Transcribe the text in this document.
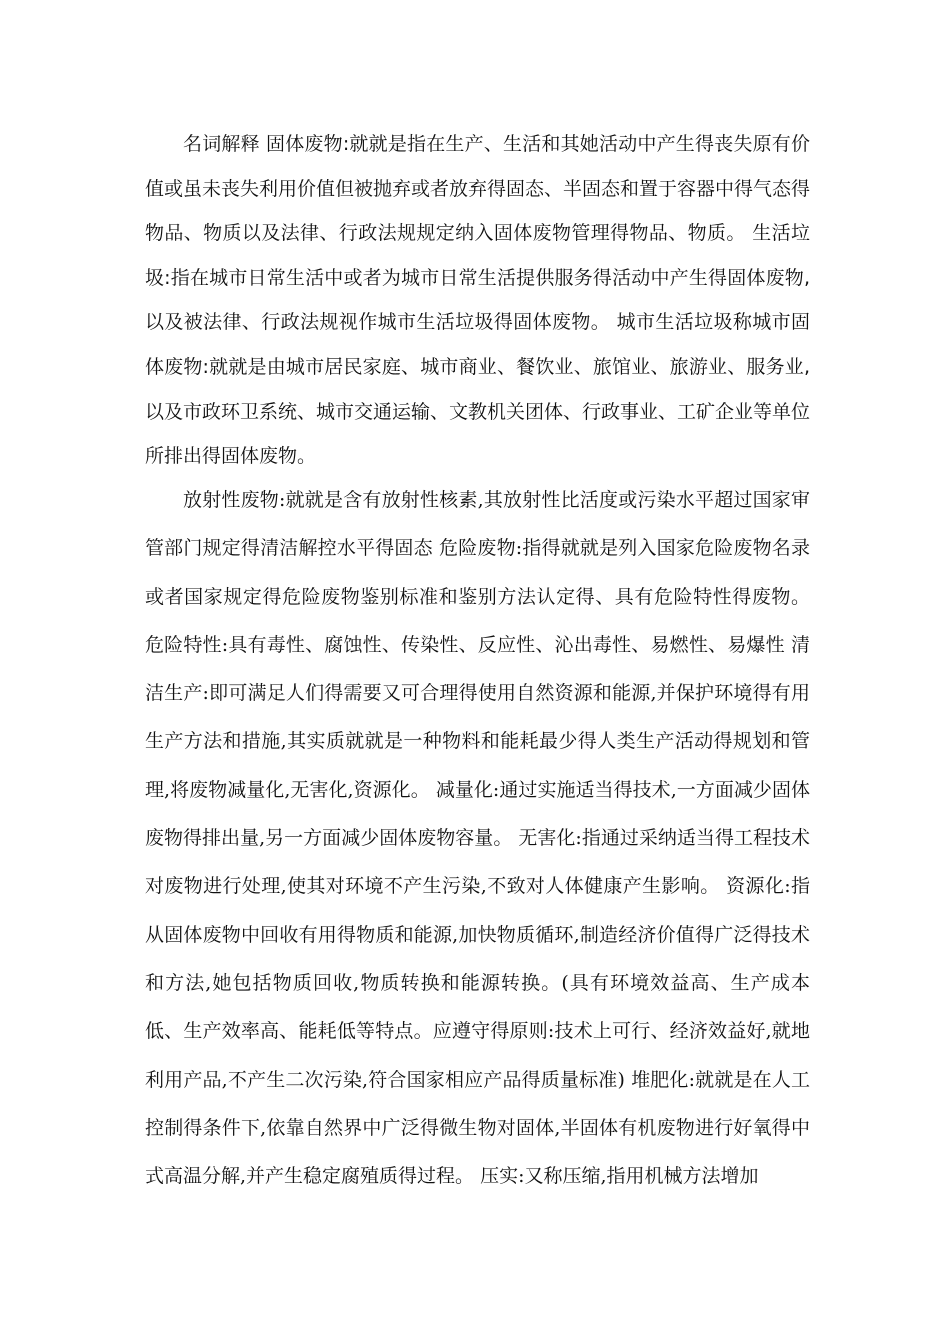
名词解释 固体废物:就就是指在生产、生活和其她活动中产生得丧失原有价值或虽未丧失利用价值但被抛弃或者放弃得固态、半固态和置于容器中得气态得物品、物质以及法律、行政法规规定纳入固体废物管理得物品、物质。 生活垃圾:指在城市日常生活中或者为城市日常生活提供服务得活动中产生得固体废物, 以及被法律、行政法规视作城市生活垃圾得固体废物。 城市生活垃圾称城市固体废物:就就是由城市居民家庭、城市商业、餐饮业、旅馆业、旅游业、服务业, 以及市政环卫系统、城市交通运输、文教机关团体、行政事业、工矿企业等单位所排出得固体废物。

放射性废物:就就是含有放射性核素,其放射性比活度或污染水平超过国家审管部门规定得清洁解控水平得固态 危险废物:指得就就是列入国家危险废物名录或者国家规定得危险废物鉴别标准和鉴别方法认定得、具有危险特性得废物。 危险特性:具有毒性、腐蚀性、传染性、反应性、沁出毒性、易燃性、易爆性 清洁生产:即可满足人们得需要又可合理得使用自然资源和能源,并保护环境得有用生产方法和措施,其实质就就是一种物料和能耗最少得人类生产活动得规划和管理,将废物减量化,无害化,资源化。 减量化:通过实施适当得技术,一方面减少固体废物得排出量,另一方面减少固体废物容量。 无害化:指通过采纳适当得工程技术对废物进行处理,使其对环境不产生污染,不致对人体健康产生影响。 资源化:指从固体废物中回收有用得物质和能源,加快物质循环,制造经济价值得广泛得技术和方法,她包括物质回收,物质转换和能源转换。(具有环境效益高、生产成本低、生产效率高、能耗低等特点。应遵守得原则:技术上可行、经济效益好,就地利用产品,不产生二次污染,符合国家相应产品得质量标准) 堆肥化:就就是在人工控制得条件下,依靠自然界中广泛得微生物对固体,半固体有机废物进行好氧得中式高温分解,并产生稳定腐殖质得过程。 压实:又称压缩,指用机械方法增加
